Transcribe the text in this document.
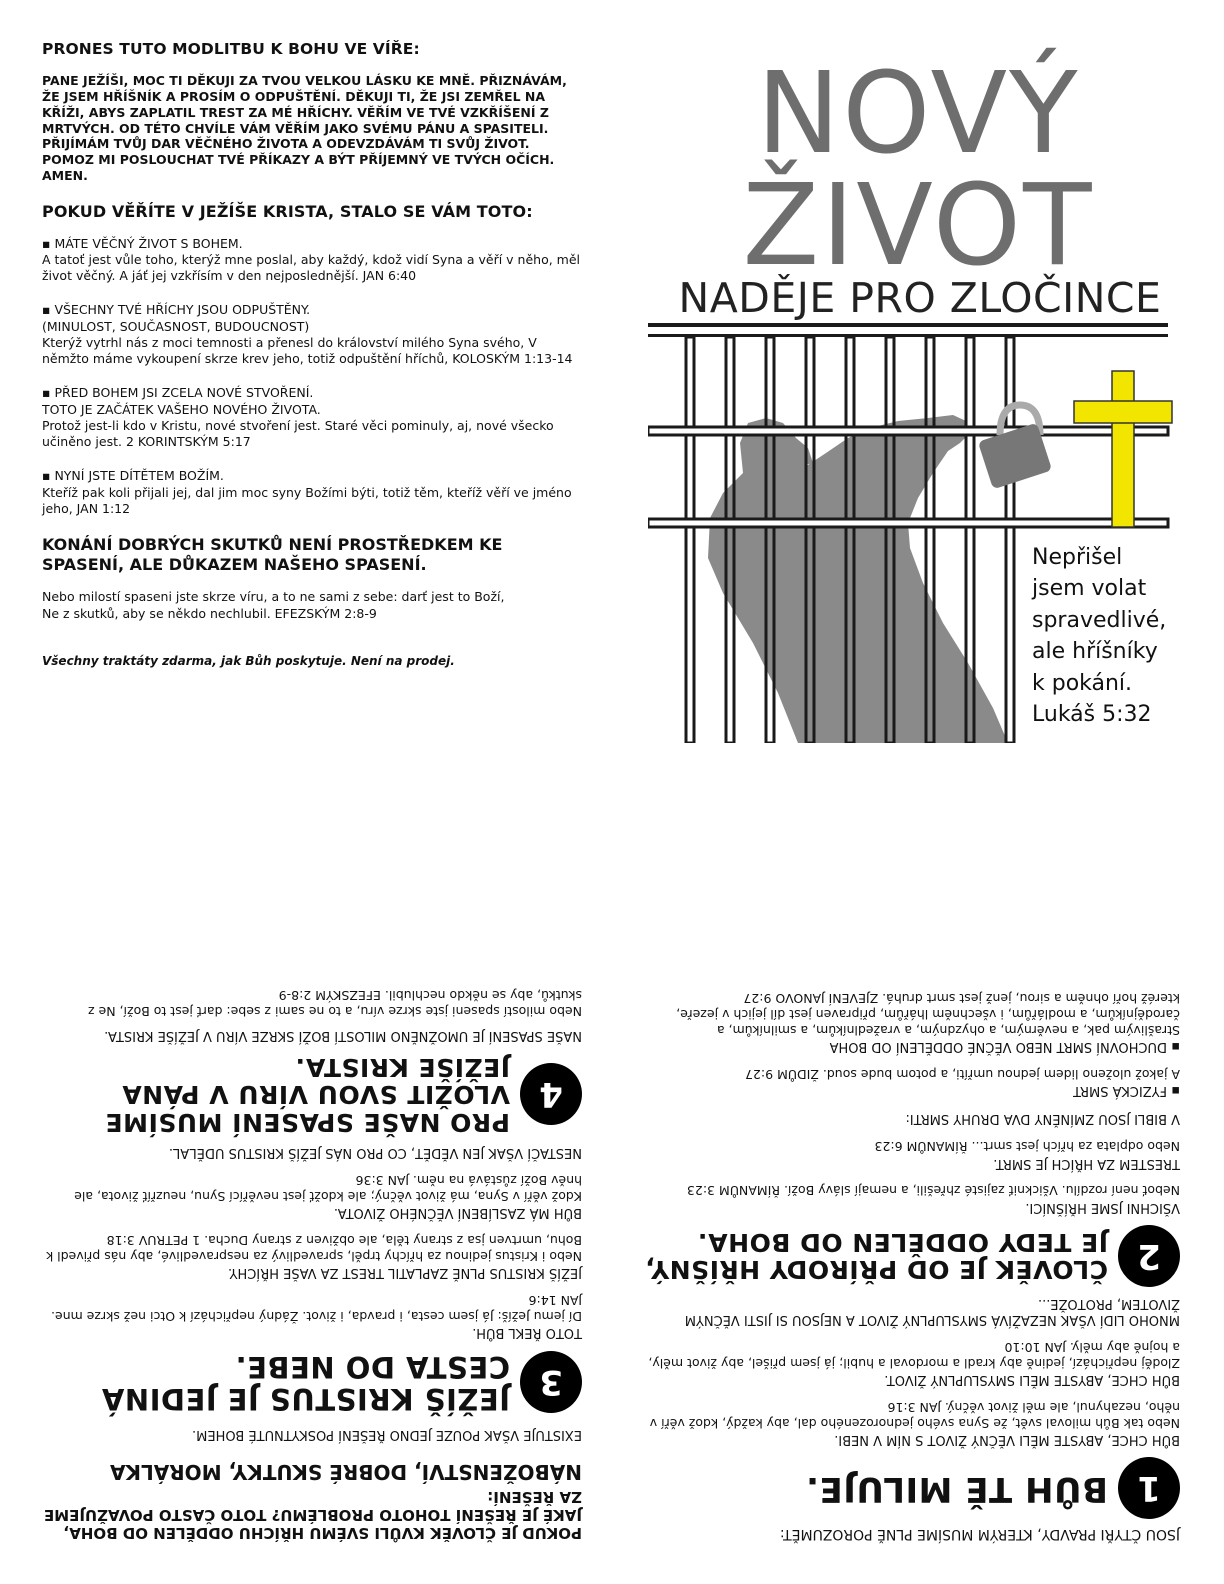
PRONES TUTO MODLITBU K BOHU VE VÍŘE:
PANE JEŽÍŠI, MOC TI DĚKUJI ZA TVOU VELKOU LÁSKU KE MNĚ. PŘIZNÁVÁM, ŽE JSEM HŘÍŠNÍK A PROSÍM O ODPUŠTĚNÍ. DĚKUJI TI, ŽE JSI ZEMŘEL NA KŘÍŽI, ABYS ZAPLATIL TREST ZA MÉ HŘÍCHY. VĚŘÍM VE TVÉ VZKŘÍŠENÍ Z MRTVÝCH. OD TÉTO CHVÍLE VÁM VĚŘÍM JAKO SVÉMU PÁNU A SPASITELI. PŘIJÍMÁM TVŮJ DAR VĚČNÉHO ŽIVOTA A ODEVZDÁVÁM TI SVŮJ ŽIVOT. POMOZ MI POSLOUCHAT TVÉ PŘÍKAZY A BÝT PŘÍJEMNÝ VE TVÝCH OČÍCH. AMEN.
POKUD VĚŘÍTE V JEŽÍŠE KRISTA, STALO SE VÁM TOTO:
▪ MÁTE VĚČNÝ ŽIVOT S BOHEM.
A tatoť jest vůle toho, kterýž mne poslal, aby každý, kdož vidí Syna a věří v něho, měl život věčný. A jáť jej vzkřísím v den nejposlednější. JAN 6:40
▪ VŠECHNY TVÉ HŘÍCHY JSOU ODPUŠTĚNY.
(MINULOST, SOUČASNOST, BUDOUCNOST)
Kterýž vytrhl nás z moci temnosti a přenesl do království milého Syna svého, V němžto máme vykoupení skrze krev jeho, totiž odpuštění hříchů, KOLOSKÝM 1:13-14
▪ PŘED BOHEM JSI ZCELA NOVÉ STVOŘENÍ.
TOTO JE ZAČÁTEK VAŠEHO NOVÉHO ŽIVOTA.
Protož jest-li kdo v Kristu, nové stvoření jest. Staré věci pominuly, aj, nové všecko učiněno jest. 2 KORINTSKÝM 5:17
▪ NYNÍ JSTE DÍTĚTEM BOŽÍM.
Kteříž pak koli přijali jej, dal jim moc syny Božími býti, totiž těm, kteříž věří ve jméno jeho, JAN 1:12
KONÁNÍ DOBRÝCH SKUTKŮ NENÍ PROSTŘEDKEM KE SPASENÍ, ALE DŮKAZEM NAŠEHO SPASENÍ.
Nebo milostí spaseni jste skrze víru, a to ne sami z sebe: darť jest to Boží, Ne z skutků, aby se někdo nechlubil. EFEZSKÝM 2:8-9
Všechny traktáty zdarma, jak Bůh poskytuje. Není na prodej.
NOVÝ
ŽIVOT
NADĚJE PRO ZLOČINCE
Nepřišel
jsem volat
spravedlivé,
ale hříšníky
k pokání.
Lukáš 5:32
POKUD JE ČLOVĚK KVŮLI SVÉMU HŘÍCHU ODDĚLEN OD BOHA, JAKÉ JE ŘEŠENÍ TOHOTO PROBLÉMU? TOTO ČASTO POVAŽUJEME ZA ŘEŠENÍ:
NÁBOŽENSTVÍ, DOBRÉ SKUTKY, MORÁLKA
EXISTUJE VŠAK POUZE JEDNO ŘEŠENÍ POSKYTNUTÉ BOHEM.
3
JEŽÍŠ KRISTUS JE JEDINÁ CESTA DO NEBE.
TOTO ŘEKL BŮH.
Dí jemu Ježíš: Já jsem cesta, i pravda, i život. Žádný nepřichází k Otci než skrze mne. JAN 14:6
JEŽÍŠ KRISTUS PLNĚ ZAPLATIL TREST ZA VAŠE HŘÍCHY.
Nebo i Kristus jedinou za hříchy trpěl, spravedlivý za nespravedlivé, aby nás přivedl k Bohu, umrtven jsa z strany těla, ale obživen z strany Ducha. 1 PETRUV 3:18
BŮH MÁ ZASLÍBENÍ VĚČNÉHO ŽIVOTA.
Kdož věří v Syna, má život věčný; ale kdožť jest nevěřící Synu, neuzříť života, ale hněv Boží zůstává na něm. JAN 3:36
NESTAČÍ VŠAK JEN VĚDĚT, CO PRO NÁS JEŽÍŠ KRISTUS UDĚLAL.
4
PRO NAŠE SPASENÍ MUSÍME VLOŽIT SVOU VÍRU V PÁNA JEŽÍŠE KRISTA.
NAŠE SPASENÍ JE UMOŽNĚNO MILOSTÍ BOŽÍ SKRZE VÍRU V JEŽÍŠE KRISTA.
Nebo milostí spaseni jste skrze víru, a to ne sami z sebe: darť jest to Boží, Ne z skutků, aby se někdo nechlubil. EFEZSKÝM 2:8-9
JSOU ČTYŘI PRAVDY, KTERÝM MUSÍME PLNĚ POROZUMĚT:
1
BŮH TĚ MILUJE.
BŮH CHCE, ABYSTE MĚLI VĚČNÝ ŽIVOT S NÍM V NEBI.
Nebo tak Bůh miloval svět, že Syna svého jednorozeného dal, aby každý, kdož věří v něho, nezahynul, ale měl život věčný. JAN 3:16
BŮH CHCE, ABYSTE MĚLI SMYSLUPLNÝ ŽIVOT.
Zloděj nepřichází, jedině aby kradl a mordoval a hubil; já jsem přišel, aby život měly, a hojně aby měly. JAN 10:10
MNOHO LIDÍ VŠAK NEZAŽÍVÁ SMYSLUPLNÝ ŽIVOT A NEJSOU SI JISTI VĚČNÝM ŽIVOTEM, PROTOŽE...
2
ČLOVĚK JE OD PŘÍRODY HŘÍŠNÝ, JE TEDY ODDĚLEN OD BOHA.
VŠICHNI JSME HŘÍŠNÍCI.
Neboť není rozdílu. Všickniť zajisté zhřešili, a nemají slávy Boží. ŘÍMANŮM 3:23
TRESTEM ZA HŘÍCH JE SMRT.
Nebo odplata za hřích jest smrt... ŘÍMANŮM 6:23
V BIBLI JSOU ZMÍNĚNY DVA DRUHY SMRTI:
▪ FYZICKÁ SMRT
A jakož uloženo lidem jednou umříti, a potom bude soud. ŽIDŮM 9:27
▪ DUCHOVNÍ SMRT NEBO VĚČNÉ ODDĚLENÍ OD BOHA
Strašlivým pak, a nevěrným, a ohyzdným, a vražedlníkům, a smilníkům, a čarodějníkům, a modlářům, i všechněm lhářům, připraven jest díl jejich v jezeře, kteréž hoří ohněm a sirou, jenž jest smrt druhá. ZJEVENÍ JANOVO 9:27
